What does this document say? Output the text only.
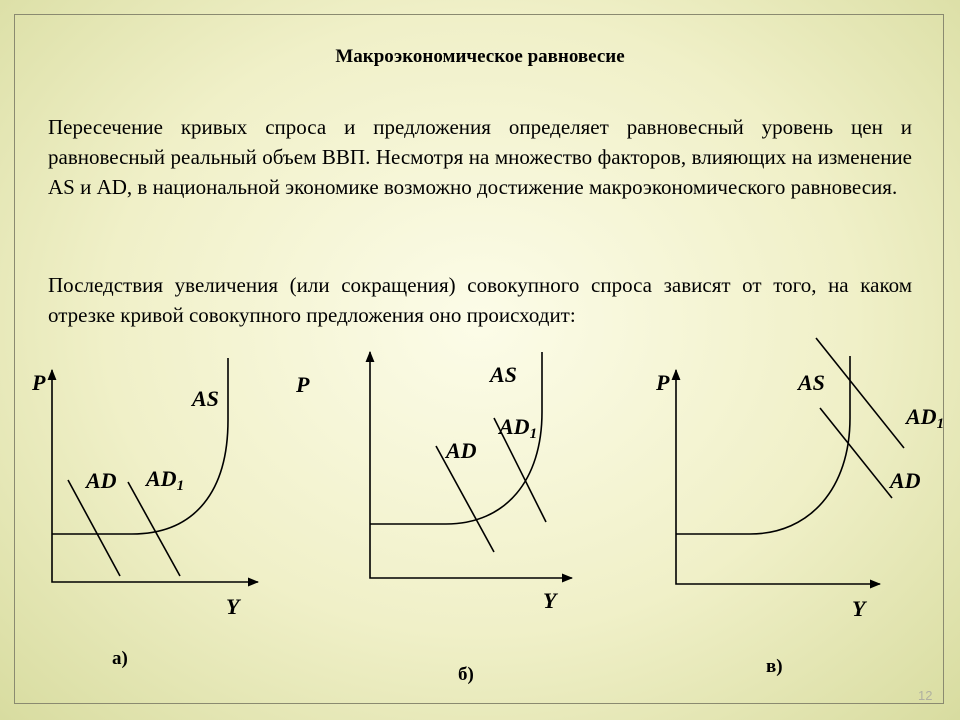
Макроэкономическое равновесие
Пересечение кривых спроса и предложения определяет равновесный уровень цен и равновесный реальный объем ВВП. Несмотря на множество факторов, влияющих на изменение AS и AD, в национальной экономике возможно достижение макроэкономического равновесия.
Последствия увеличения (или сокращения) совокупного спроса зависят от того, на каком отрезке кривой совокупного предложения оно происходит:
P
Y
AS
AD $AD_1$
а)
P
Y
AS
AD
$AD_1$
б)
P
Y
AS
$AD_1$
AD
в)
12
